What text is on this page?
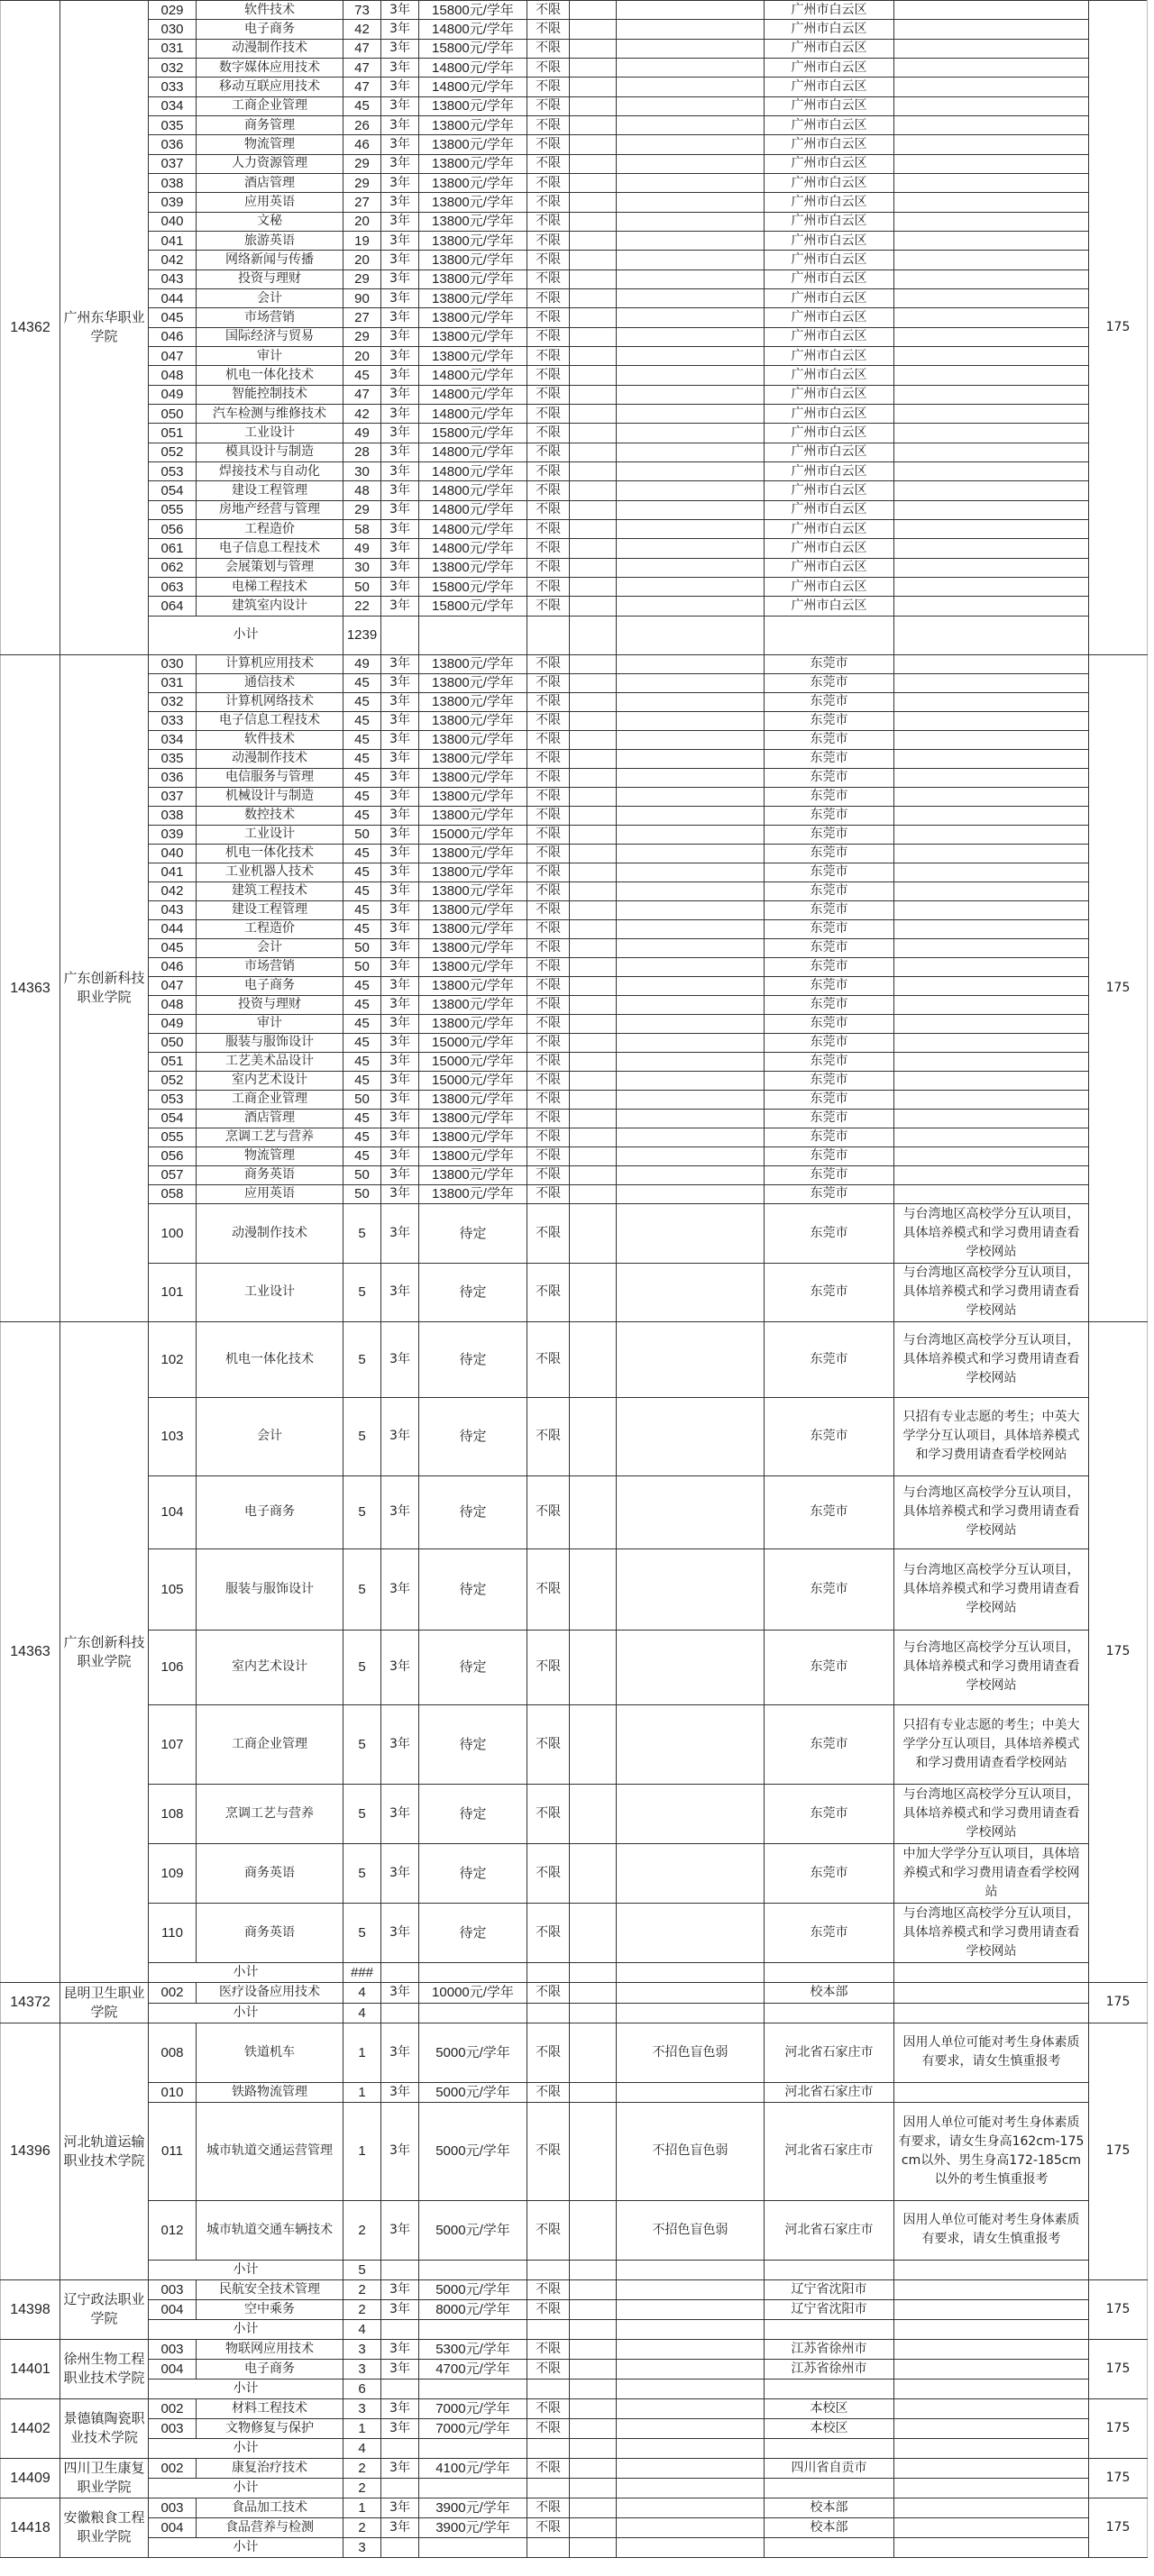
14362	广州东华职业学院	029	软件技术	73	3年	15800元/学年	不限			广州市白云区		175
		030	电子商务	42	3年	14800元/学年	不限			广州市白云区		
		031	动漫制作技术	47	3年	15800元/学年	不限			广州市白云区		
		032	数字媒体应用技术	47	3年	14800元/学年	不限			广州市白云区		
		033	移动互联应用技术	47	3年	14800元/学年	不限			广州市白云区		
		034	工商企业管理	45	3年	13800元/学年	不限			广州市白云区		
		035	商务管理	26	3年	13800元/学年	不限			广州市白云区		
		036	物流管理	46	3年	13800元/学年	不限			广州市白云区		
		037	人力资源管理	29	3年	13800元/学年	不限			广州市白云区		
		038	酒店管理	29	3年	13800元/学年	不限			广州市白云区		
		039	应用英语	27	3年	13800元/学年	不限			广州市白云区		
		040	文秘	20	3年	13800元/学年	不限			广州市白云区		
		041	旅游英语	19	3年	13800元/学年	不限			广州市白云区		
		042	网络新闻与传播	20	3年	13800元/学年	不限			广州市白云区		
		043	投资与理财	29	3年	13800元/学年	不限			广州市白云区		
		044	会计	90	3年	13800元/学年	不限			广州市白云区		
		045	市场营销	27	3年	13800元/学年	不限			广州市白云区		
		046	国际经济与贸易	29	3年	13800元/学年	不限			广州市白云区		
		047	审计	20	3年	13800元/学年	不限			广州市白云区		
		048	机电一体化技术	45	3年	14800元/学年	不限			广州市白云区		
		049	智能控制技术	47	3年	14800元/学年	不限			广州市白云区		
		050	汽车检测与维修技术	42	3年	14800元/学年	不限			广州市白云区		
		051	工业设计	49	3年	15800元/学年	不限			广州市白云区		
		052	模具设计与制造	28	3年	14800元/学年	不限			广州市白云区		
		053	焊接技术与自动化	30	3年	14800元/学年	不限			广州市白云区		
		054	建设工程管理	48	3年	14800元/学年	不限			广州市白云区		
		055	房地产经营与管理	29	3年	14800元/学年	不限			广州市白云区		
		056	工程造价	58	3年	14800元/学年	不限			广州市白云区		
		061	电子信息工程技术	49	3年	14800元/学年	不限			广州市白云区		
		062	会展策划与管理	30	3年	13800元/学年	不限			广州市白云区		
		063	电梯工程技术	50	3年	15800元/学年	不限			广州市白云区		
		064	建筑室内设计	22	3年	15800元/学年	不限			广州市白云区		
		小计		1239								
14363	广东创新科技职业学院	030	计算机应用技术	49	3年	13800元/学年	不限			东莞市		175
		031	通信技术	45	3年	13800元/学年	不限			东莞市		
		032	计算机网络技术	45	3年	13800元/学年	不限			东莞市		
		033	电子信息工程技术	45	3年	13800元/学年	不限			东莞市		
		034	软件技术	45	3年	13800元/学年	不限			东莞市		
		035	动漫制作技术	45	3年	13800元/学年	不限			东莞市		
		036	电信服务与管理	45	3年	13800元/学年	不限			东莞市		
		037	机械设计与制造	45	3年	13800元/学年	不限			东莞市		
		038	数控技术	45	3年	13800元/学年	不限			东莞市		
		039	工业设计	50	3年	15000元/学年	不限			东莞市		
		040	机电一体化技术	45	3年	13800元/学年	不限			东莞市		
		041	工业机器人技术	45	3年	13800元/学年	不限			东莞市		
		042	建筑工程技术	45	3年	13800元/学年	不限			东莞市		
		043	建设工程管理	45	3年	13800元/学年	不限			东莞市		
		044	工程造价	45	3年	13800元/学年	不限			东莞市		
		045	会计	50	3年	13800元/学年	不限			东莞市		
		046	市场营销	50	3年	13800元/学年	不限			东莞市		
		047	电子商务	45	3年	13800元/学年	不限			东莞市		
		048	投资与理财	45	3年	13800元/学年	不限			东莞市		
		049	审计	45	3年	13800元/学年	不限			东莞市		
		050	服装与服饰设计	45	3年	15000元/学年	不限			东莞市		
		051	工艺美术品设计	45	3年	15000元/学年	不限			东莞市		
		052	室内艺术设计	45	3年	15000元/学年	不限			东莞市		
		053	工商企业管理	50	3年	13800元/学年	不限			东莞市		
		054	酒店管理	45	3年	13800元/学年	不限			东莞市		
		055	烹调工艺与营养	45	3年	13800元/学年	不限			东莞市		
		056	物流管理	45	3年	13800元/学年	不限			东莞市		
		057	商务英语	50	3年	13800元/学年	不限			东莞市		
		058	应用英语	50	3年	13800元/学年	不限			东莞市		
		100	动漫制作技术	5	3年	待定	不限			东莞市	与台湾地区高校学分互认项目，具体培养模式和学习费用请查看学校网站	
		101	工业设计	5	3年	待定	不限			东莞市	与台湾地区高校学分互认项目，具体培养模式和学习费用请查看学校网站	
14363	广东创新科技职业学院	102	机电一体化技术	5	3年	待定	不限			东莞市	与台湾地区高校学分互认项目，具体培养模式和学习费用请查看学校网站	175
		103	会计	5	3年	待定	不限			东莞市	只招有专业志愿的考生；中英大学学分互认项目，具体培养模式和学习费用请查看学校网站	
		104	电子商务	5	3年	待定	不限			东莞市	与台湾地区高校学分互认项目，具体培养模式和学习费用请查看学校网站	
		105	服装与服饰设计	5	3年	待定	不限			东莞市	与台湾地区高校学分互认项目，具体培养模式和学习费用请查看学校网站	
		106	室内艺术设计	5	3年	待定	不限			东莞市	与台湾地区高校学分互认项目，具体培养模式和学习费用请查看学校网站	
		107	工商企业管理	5	3年	待定	不限			东莞市	只招有专业志愿的考生；中美大学学分互认项目，具体培养模式和学习费用请查看学校网站	
		108	烹调工艺与营养	5	3年	待定	不限			东莞市	与台湾地区高校学分互认项目，具体培养模式和学习费用请查看学校网站	
		109	商务英语	5	3年	待定	不限			东莞市	中加大学学分互认项目，具体培养模式和学习费用请查看学校网站	
		110	商务英语	5	3年	待定	不限			东莞市	与台湾地区高校学分互认项目，具体培养模式和学习费用请查看学校网站	
		小计		###								
14372	昆明卫生职业学院	002	医疗设备应用技术	4	3年	10000元/学年	不限			校本部		175
		小计		4								
14396	河北轨道运输职业技术学院	008	铁道机车	1	3年	5000元/学年	不限		不招色盲色弱	河北省石家庄市	因用人单位可能对考生身体素质有要求，请女生慎重报考	175
		010	铁路物流管理	1	3年	5000元/学年	不限			河北省石家庄市		
		011	城市轨道交通运营管理	1	3年	5000元/学年	不限		不招色盲色弱	河北省石家庄市	因用人单位可能对考生身体素质有要求，请女生身高162cm-175cm以外、男生身高172-185cm以外的考生慎重报考	
		012	城市轨道交通车辆技术	2	3年	5000元/学年	不限		不招色盲色弱	河北省石家庄市	因用人单位可能对考生身体素质有要求，请女生慎重报考	
		小计		5								
14398	辽宁政法职业学院	003	民航安全技术管理	2	3年	5000元/学年	不限			辽宁省沈阳市		175
		004	空中乘务	2	3年	8000元/学年	不限			辽宁省沈阳市		
		小计		4								
14401	徐州生物工程职业技术学院	003	物联网应用技术	3	3年	5300元/学年	不限			江苏省徐州市		175
		004	电子商务	3	3年	4700元/学年	不限			江苏省徐州市		
		小计		6								
14402	景德镇陶瓷职业技术学院	002	材料工程技术	3	3年	7000元/学年	不限			本校区		175
		003	文物修复与保护	1	3年	7000元/学年	不限			本校区		
		小计		4								
14409	四川卫生康复职业学院	002	康复治疗技术	2	3年	4100元/学年	不限			四川省自贡市		175
		小计		2								
14418	安徽粮食工程职业学院	003	食品加工技术	1	3年	3900元/学年	不限			校本部		175
		004	食品营养与检测	2	3年	3900元/学年	不限			校本部		
		小计		3								
